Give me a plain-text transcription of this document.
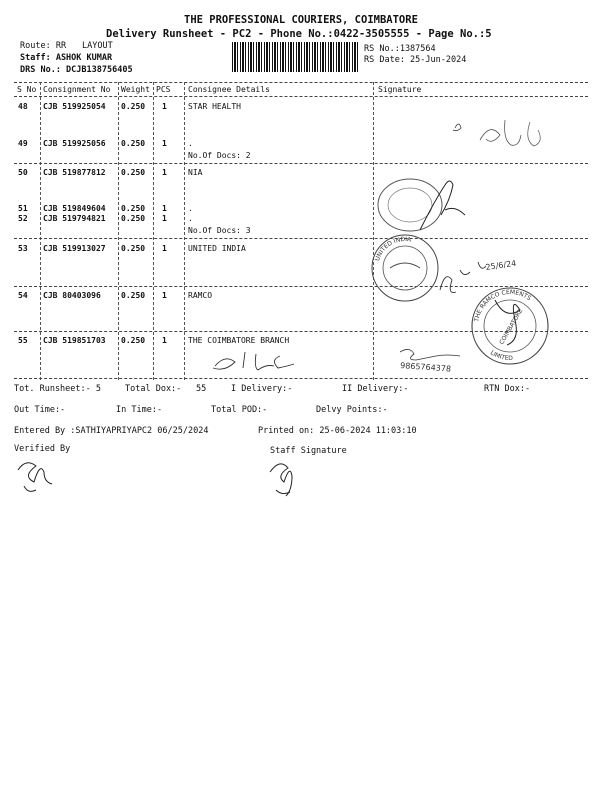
THE PROFESSIONAL COURIERS, COIMBATORE
Delivery Runsheet - PC2 - Phone No.:0422-3505555 - Page No.:5
Route: RR LAYOUT
Staff: ASHOK KUMAR
DRS No.: DCJB138756405
RS No.:1387564
RS Date: 25-Jun-2024
S No Consignment No Weight PCS Consignee Details	Signature
48 CJB 519925054 0.250 1	STAR HEALTH
49 CJB 519925056 0.250 1	.
No.Of Docs: 2
50 CJB 519877812 0.250 1	NIA
51 CJB 519849604 0.250 1	.
52 CJB 519794821 0.250 1	.
No.Of Docs: 3
53 CJB 519913027 0.250 1	UNITED INDIA
54 CJB 80403096	0.250 1	RAMCO
55 CJB 519851703 0.250 1	THE COIMBATORE BRANCH
UNITED INDIA
25/6/24
THE RAMCO CEMENTS
LIMITED
COIMBATORE
9865764378
Tot. Runsheet:- 5	Total Dox:- 55	I Delivery:-	II Delivery:-	RTN Dox:-
Out Time:-	In Time:-	Total POD:-	Delvy Points:-
Entered By :SATHIYAPRIYAPC2 06/25/2024	Printed on: 25-06-2024 11:03:10
Verified By	Staff Signature
